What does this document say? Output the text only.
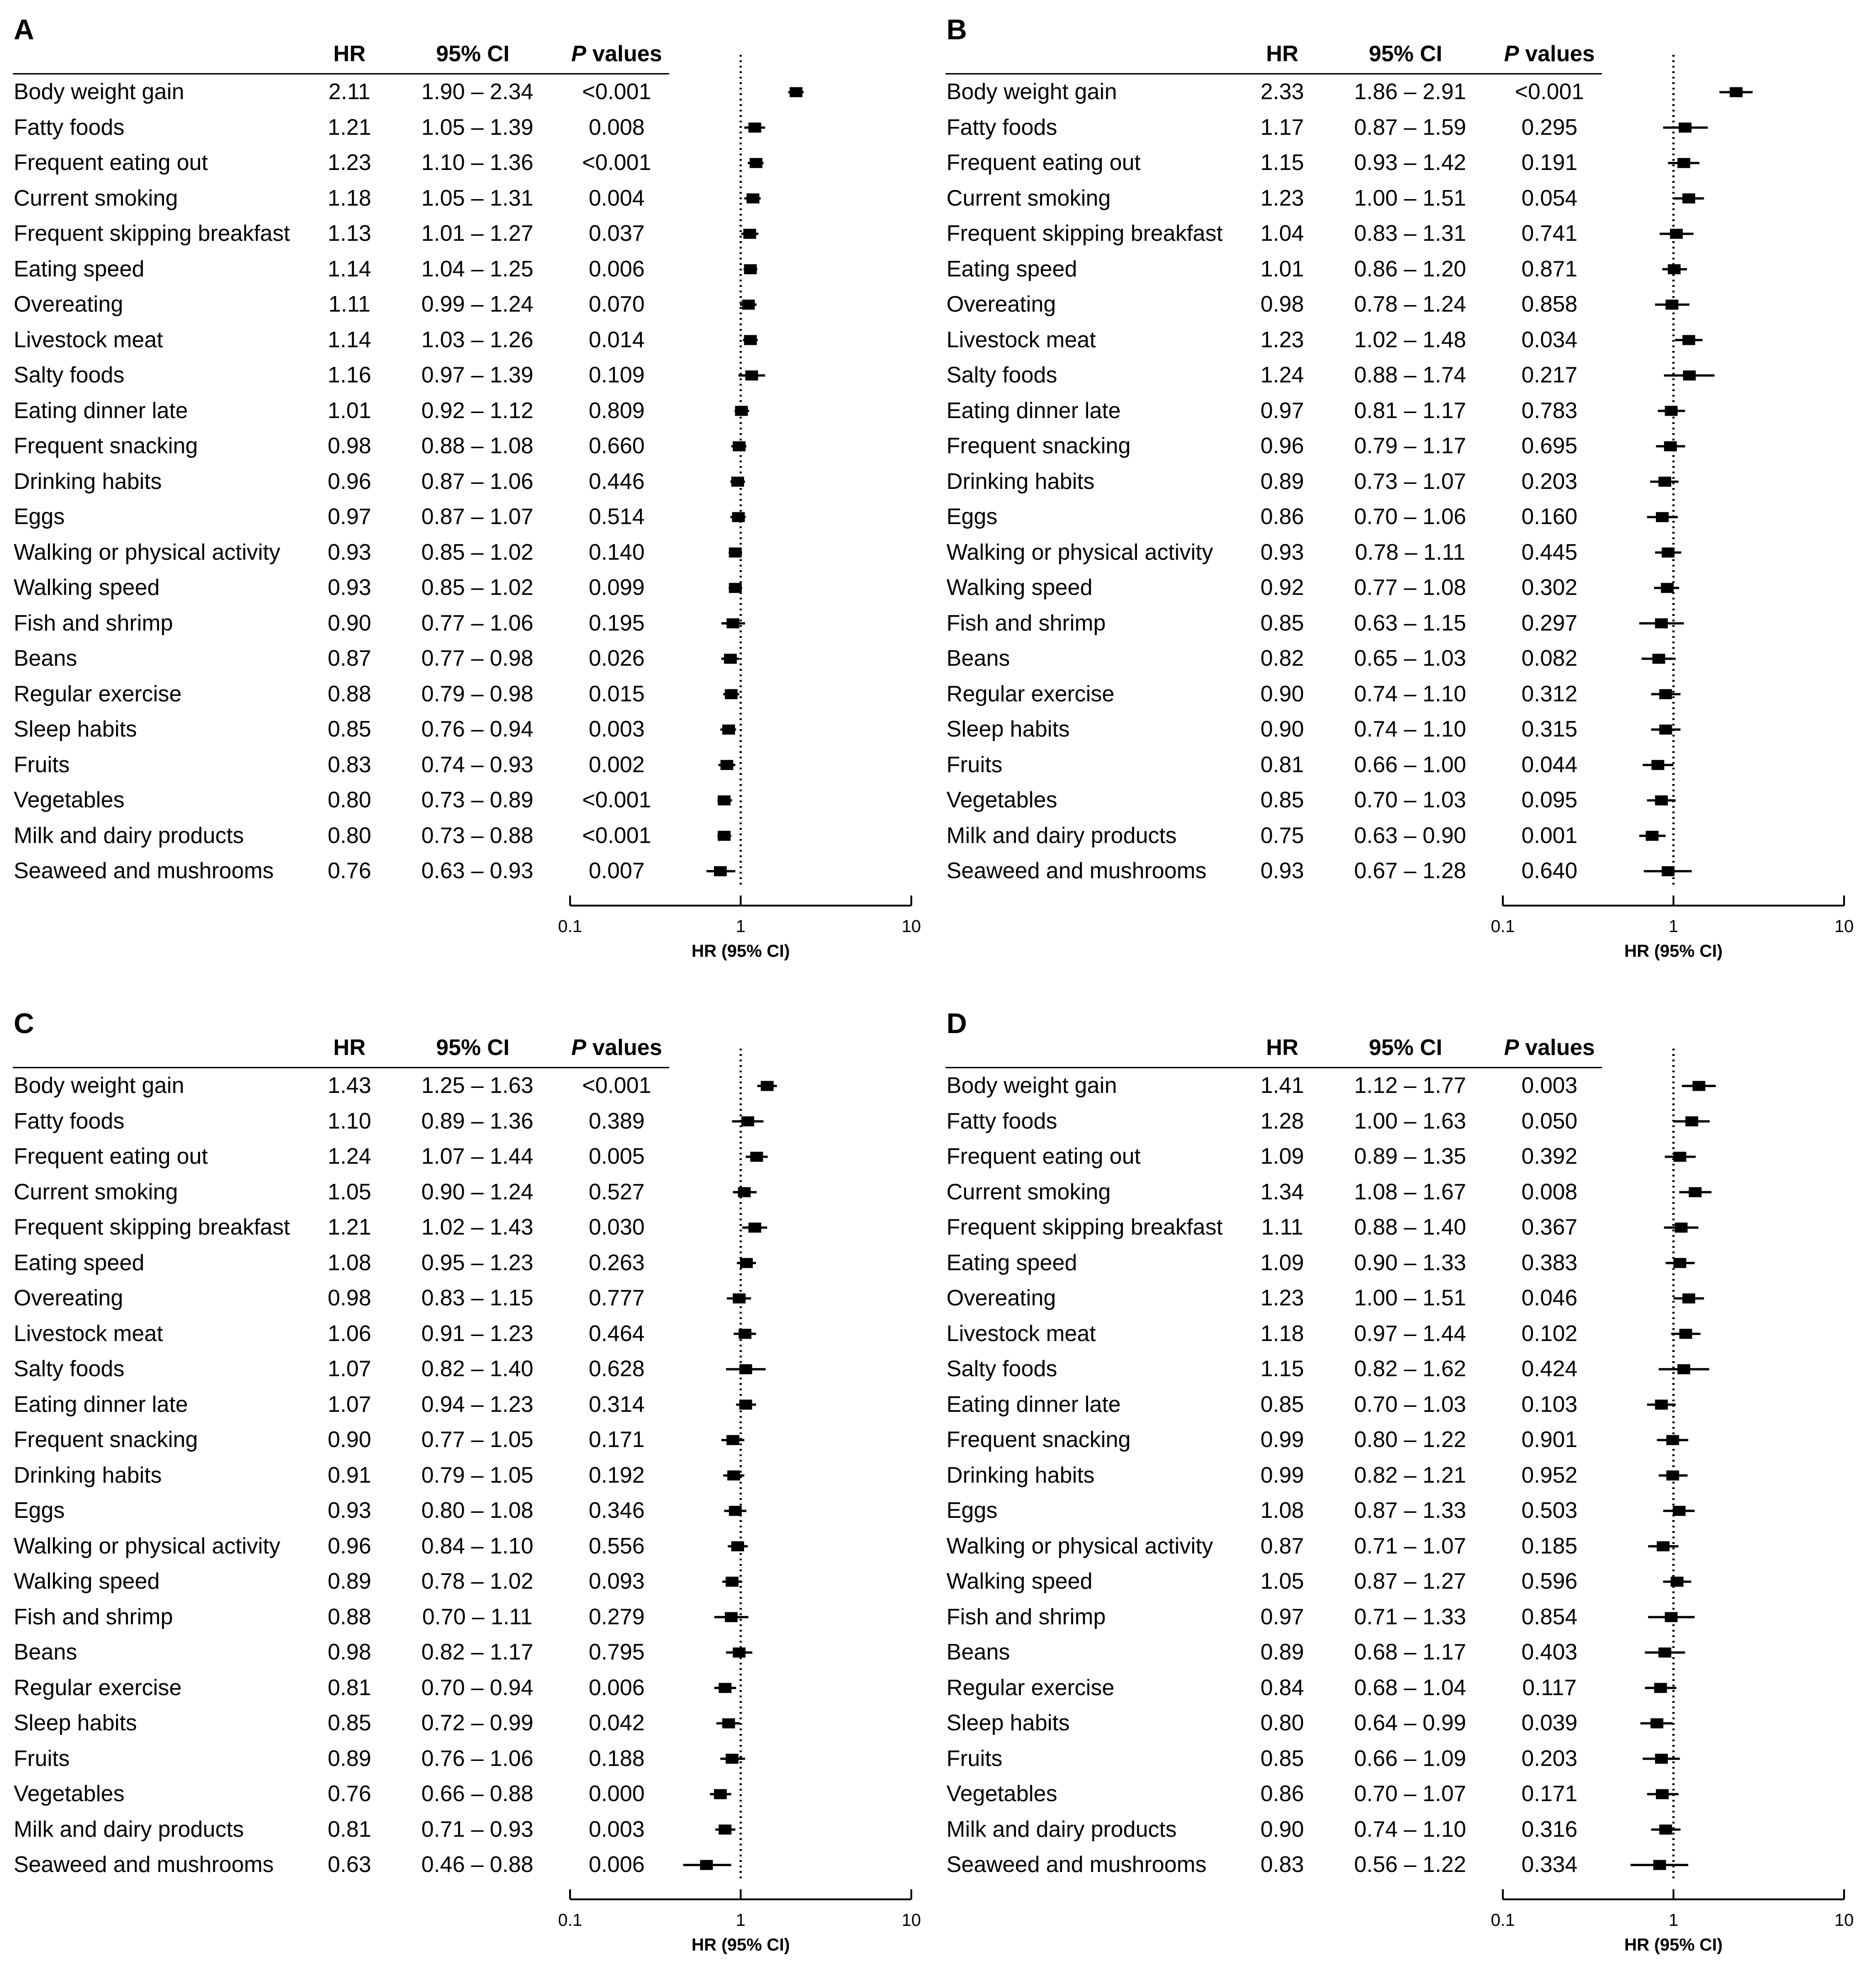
A
HR	95% CI	P values
Body weight gain	2.11	1.90 – 2.34	<0.001
Fatty foods	1.21	1.05 – 1.39	0.008
Frequent eating out	1.23	1.10 – 1.36	<0.001
Current smoking	1.18	1.05 – 1.31	0.004
Frequent skipping breakfast	1.13	1.01 – 1.27	0.037
Eating speed	1.14	1.04 – 1.25	0.006
Overeating	1.11	0.99 – 1.24	0.070
Livestock meat	1.14	1.03 – 1.26	0.014
Salty foods	1.16	0.97 – 1.39	0.109
Eating dinner late	1.01	0.92 – 1.12	0.809
Frequent snacking	0.98	0.88 – 1.08	0.660
Drinking habits	0.96	0.87 – 1.06	0.446
Eggs	0.97	0.87 – 1.07	0.514
Walking or physical activity	0.93	0.85 – 1.02	0.140
Walking speed	0.93	0.85 – 1.02	0.099
Fish and shrimp	0.90	0.77 – 1.06	0.195
Beans	0.87	0.77 – 0.98	0.026
Regular exercise	0.88	0.79 – 0.98	0.015
Sleep habits	0.85	0.76 – 0.94	0.003
Fruits	0.83	0.74 – 0.93	0.002
Vegetables	0.80	0.73 – 0.89	<0.001
Milk and dairy products	0.80	0.73 – 0.88	<0.001
Seaweed and mushrooms	0.76	0.63 – 0.93	0.007
0.1	1	10
HR (95% CI)
B
HR	95% CI	P values
Body weight gain	2.33	1.86 – 2.91	<0.001
Fatty foods	1.17	0.87 – 1.59	0.295
Frequent eating out	1.15	0.93 – 1.42	0.191
Current smoking	1.23	1.00 – 1.51	0.054
Frequent skipping breakfast	1.04	0.83 – 1.31	0.741
Eating speed	1.01	0.86 – 1.20	0.871
Overeating	0.98	0.78 – 1.24	0.858
Livestock meat	1.23	1.02 – 1.48	0.034
Salty foods	1.24	0.88 – 1.74	0.217
Eating dinner late	0.97	0.81 – 1.17	0.783
Frequent snacking	0.96	0.79 – 1.17	0.695
Drinking habits	0.89	0.73 – 1.07	0.203
Eggs	0.86	0.70 – 1.06	0.160
Walking or physical activity	0.93	0.78 – 1.11	0.445
Walking speed	0.92	0.77 – 1.08	0.302
Fish and shrimp	0.85	0.63 – 1.15	0.297
Beans	0.82	0.65 – 1.03	0.082
Regular exercise	0.90	0.74 – 1.10	0.312
Sleep habits	0.90	0.74 – 1.10	0.315
Fruits	0.81	0.66 – 1.00	0.044
Vegetables	0.85	0.70 – 1.03	0.095
Milk and dairy products	0.75	0.63 – 0.90	0.001
Seaweed and mushrooms	0.93	0.67 – 1.28	0.640
0.1	1	10
HR (95% CI)
C
HR	95% CI	P values
Body weight gain	1.43	1.25 – 1.63	<0.001
Fatty foods	1.10	0.89 – 1.36	0.389
Frequent eating out	1.24	1.07 – 1.44	0.005
Current smoking	1.05	0.90 – 1.24	0.527
Frequent skipping breakfast	1.21	1.02 – 1.43	0.030
Eating speed	1.08	0.95 – 1.23	0.263
Overeating	0.98	0.83 – 1.15	0.777
Livestock meat	1.06	0.91 – 1.23	0.464
Salty foods	1.07	0.82 – 1.40	0.628
Eating dinner late	1.07	0.94 – 1.23	0.314
Frequent snacking	0.90	0.77 – 1.05	0.171
Drinking habits	0.91	0.79 – 1.05	0.192
Eggs	0.93	0.80 – 1.08	0.346
Walking or physical activity	0.96	0.84 – 1.10	0.556
Walking speed	0.89	0.78 – 1.02	0.093
Fish and shrimp	0.88	0.70 – 1.11	0.279
Beans	0.98	0.82 – 1.17	0.795
Regular exercise	0.81	0.70 – 0.94	0.006
Sleep habits	0.85	0.72 – 0.99	0.042
Fruits	0.89	0.76 – 1.06	0.188
Vegetables	0.76	0.66 – 0.88	0.000
Milk and dairy products	0.81	0.71 – 0.93	0.003
Seaweed and mushrooms	0.63	0.46 – 0.88	0.006
0.1	1	10
HR (95% CI)
D
HR	95% CI	P values
Body weight gain	1.41	1.12 – 1.77	0.003
Fatty foods	1.28	1.00 – 1.63	0.050
Frequent eating out	1.09	0.89 – 1.35	0.392
Current smoking	1.34	1.08 – 1.67	0.008
Frequent skipping breakfast	1.11	0.88 – 1.40	0.367
Eating speed	1.09	0.90 – 1.33	0.383
Overeating	1.23	1.00 – 1.51	0.046
Livestock meat	1.18	0.97 – 1.44	0.102
Salty foods	1.15	0.82 – 1.62	0.424
Eating dinner late	0.85	0.70 – 1.03	0.103
Frequent snacking	0.99	0.80 – 1.22	0.901
Drinking habits	0.99	0.82 – 1.21	0.952
Eggs	1.08	0.87 – 1.33	0.503
Walking or physical activity	0.87	0.71 – 1.07	0.185
Walking speed	1.05	0.87 – 1.27	0.596
Fish and shrimp	0.97	0.71 – 1.33	0.854
Beans	0.89	0.68 – 1.17	0.403
Regular exercise	0.84	0.68 – 1.04	0.117
Sleep habits	0.80	0.64 – 0.99	0.039
Fruits	0.85	0.66 – 1.09	0.203
Vegetables	0.86	0.70 – 1.07	0.171
Milk and dairy products	0.90	0.74 – 1.10	0.316
Seaweed and mushrooms	0.83	0.56 – 1.22	0.334
0.1	1	10
HR (95% CI)
